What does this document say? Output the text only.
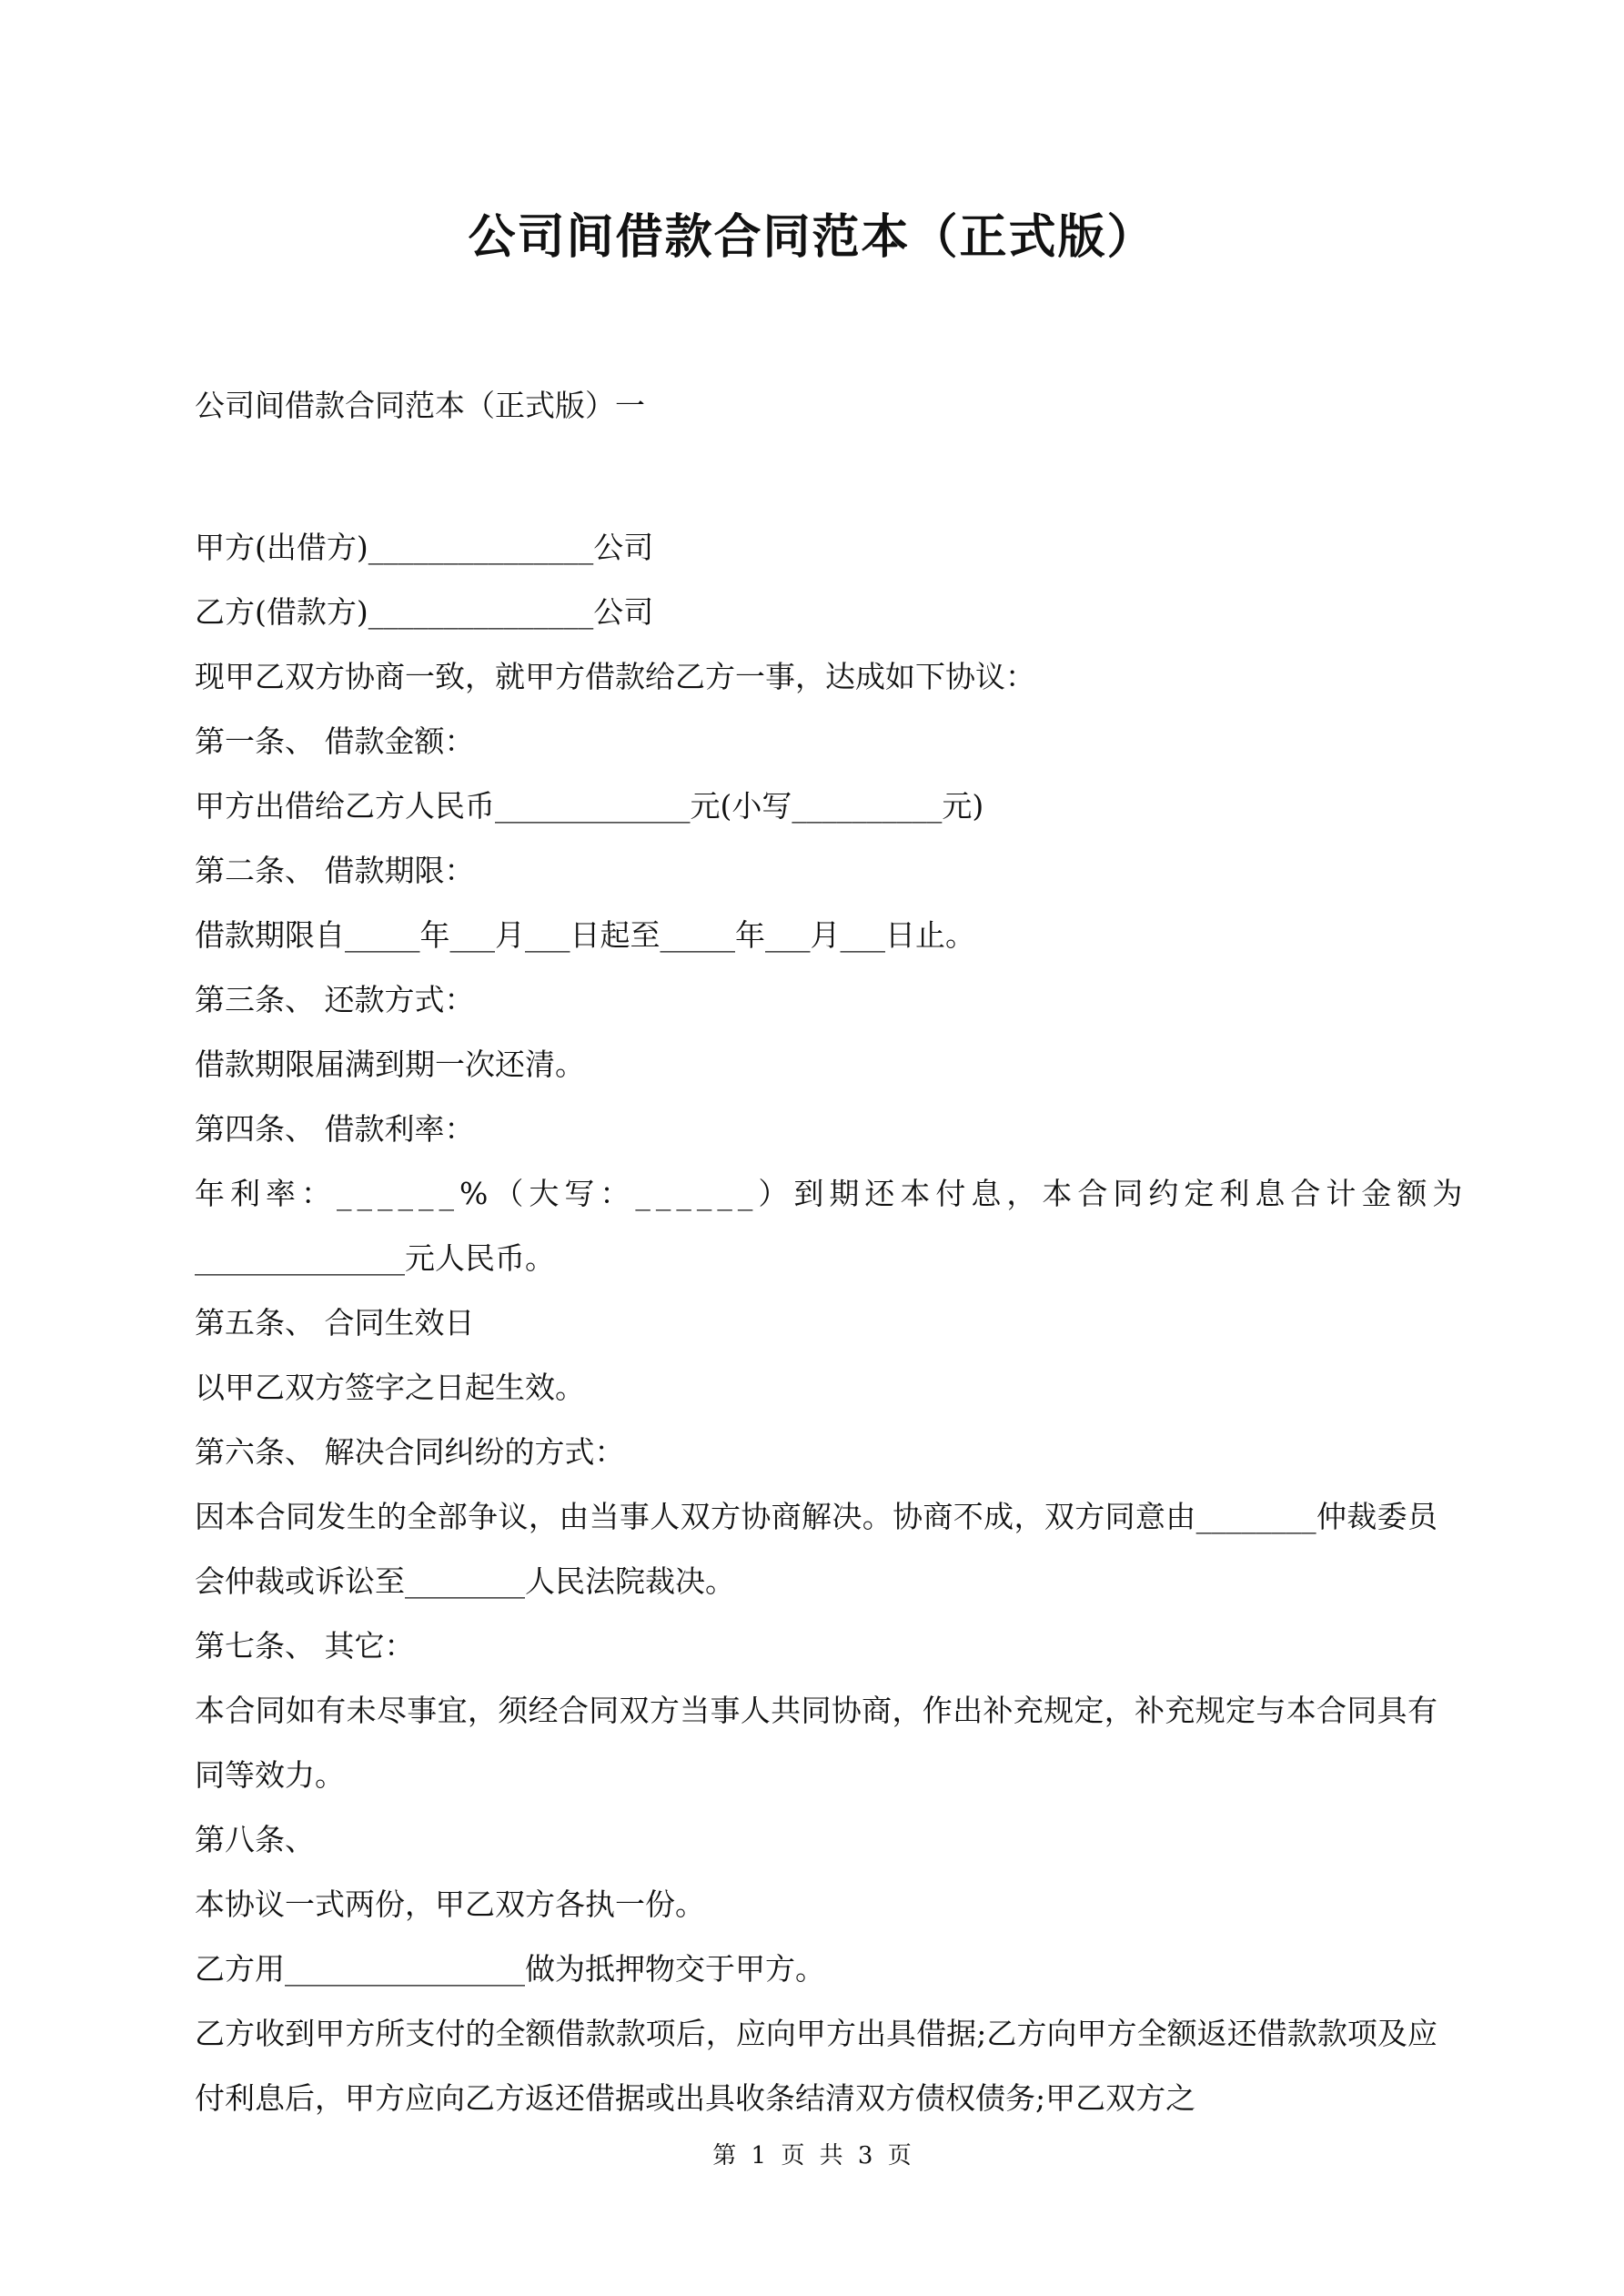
公司间借款合同范本（正式版）

公司间借款合同范本（正式版）一

甲方(出借方)_______________公司

乙方(借款方)_______________公司

现甲乙双方协商一致，就甲方借款给乙方一事，达成如下协议：

第一条、 借款金额：

甲方出借给乙方人民币_____________元(小写__________元)

第二条、 借款期限：

借款期限自_____年___月___日起至_____年___月___日止。

第三条、 还款方式：

借款期限届满到期一次还清。

第四条、 借款利率：

年利率：______%（大写：______）到期还本付息，本合同约定利息合计金额为

______________元人民币。

第五条、 合同生效日

以甲乙双方签字之日起生效。

第六条、 解决合同纠纷的方式：

因本合同发生的全部争议，由当事人双方协商解决。协商不成，双方同意由________仲裁委员会仲裁或诉讼至________人民法院裁决。

第七条、 其它：

本合同如有未尽事宜，须经合同双方当事人共同协商，作出补充规定，补充规定与本合同具有同等效力。

第八条、

本协议一式两份，甲乙双方各执一份。

乙方用________________做为抵押物交于甲方。

乙方收到甲方所支付的全额借款款项后，应向甲方出具借据;乙方向甲方全额返还借款款项及应付利息后，甲方应向乙方返还借据或出具收条结清双方债权债务;甲乙双方之

第 1 页 共 3 页
